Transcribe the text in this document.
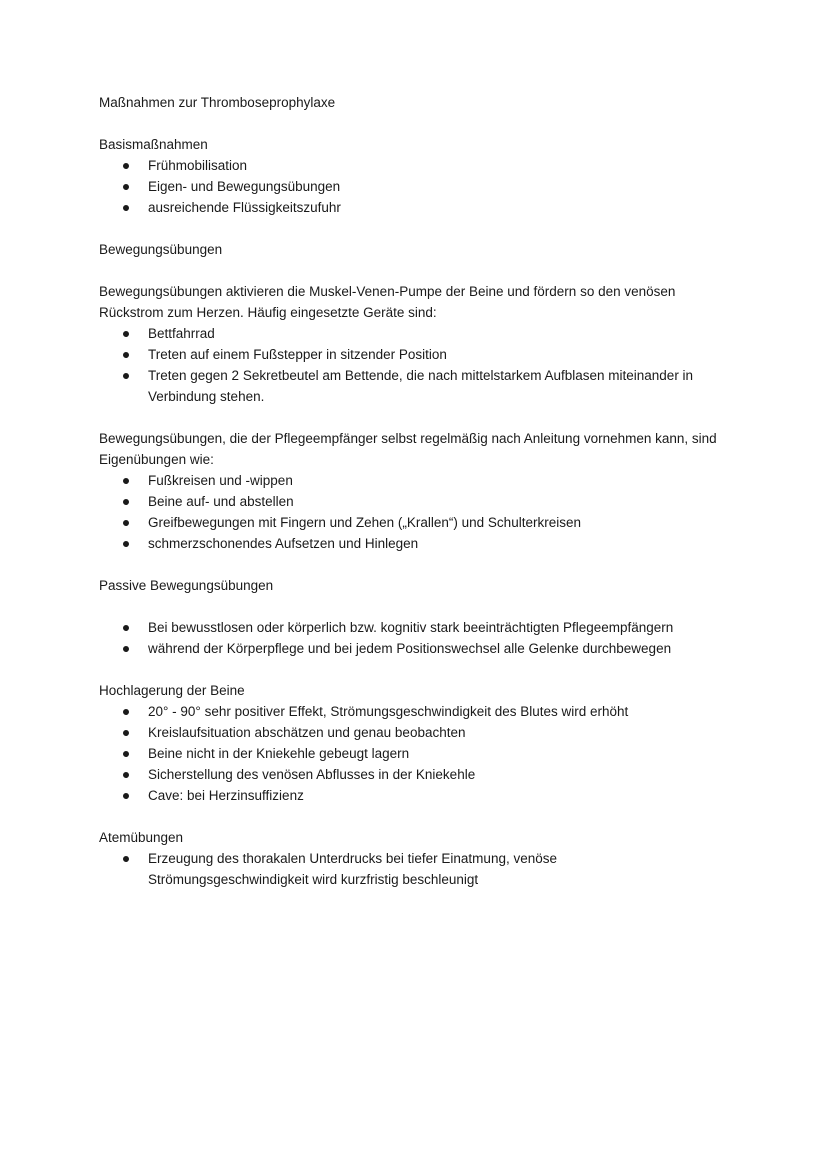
Maßnahmen zur Thromboseprophylaxe

Basismaßnahmen

Frühmobilisation
Eigen- und Bewegungsübungen
ausreichende Flüssigkeitszufuhr

Bewegungsübungen

Bewegungsübungen aktivieren die Muskel-Venen-Pumpe der Beine und fördern so den venösen Rückstrom zum Herzen. Häufig eingesetzte Geräte sind:

Bettfahrrad
Treten auf einem Fußstepper in sitzender Position
Treten gegen 2 Sekretbeutel am Bettende, die nach mittelstarkem Aufblasen miteinander in Verbindung stehen.

Bewegungsübungen, die der Pflegeempfänger selbst regelmäßig nach Anleitung vornehmen kann, sind Eigenübungen wie:

Fußkreisen und -wippen
Beine auf- und abstellen
Greifbewegungen mit Fingern und Zehen („Krallen“) und Schulterkreisen
schmerzschonendes Aufsetzen und Hinlegen

Passive Bewegungsübungen

Bei bewusstlosen oder körperlich bzw. kognitiv stark beeinträchtigten Pflegeempfängern
während der Körperpflege und bei jedem Positionswechsel alle Gelenke durchbewegen

Hochlagerung der Beine

20° - 90° sehr positiver Effekt, Strömungsgeschwindigkeit des Blutes wird erhöht
Kreislaufsituation abschätzen und genau beobachten
Beine nicht in der Kniekehle gebeugt lagern
Sicherstellung des venösen Abflusses in der Kniekehle
Cave: bei Herzinsuffizienz

Atemübungen

Erzeugung des thorakalen Unterdrucks bei tiefer Einatmung, venöse Strömungsgeschwindigkeit wird kurzfristig beschleunigt
